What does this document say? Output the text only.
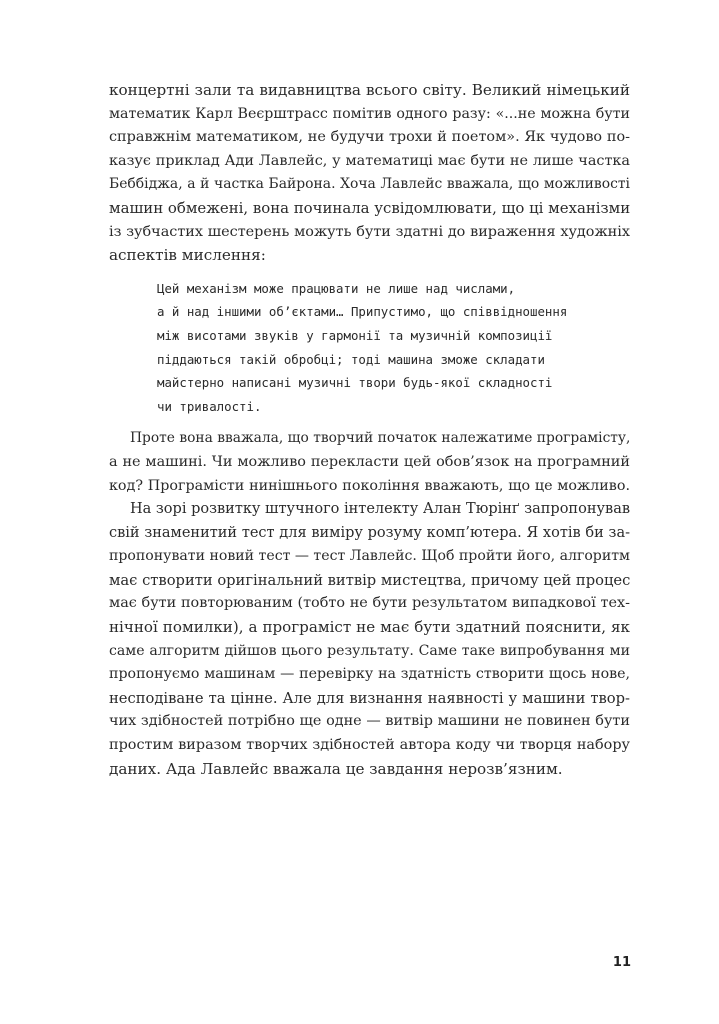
концертні зали та видавництва всього світу. Великий німецький
математик Карл Веєрштрасс помітив одного разу: «...не можна бути
справжнім математиком, не будучи трохи й поетом». Як чудово по-
казує приклад Ади Лавлейс, у математиці має бути не лише частка
Беббіджа, а й частка Байрона. Хоча Лавлейс вважала, що можливості
машин обмежені, вона починала усвідомлювати, що ці механізми
із зубчастих шестерень можуть бути здатні до вираження художніх
аспектів мислення:
Цей механізм може працювати не лише над числами,
а й над іншими об’єктами… Припустимо, що співвідношення
між висотами звуків у гармонії та музичній композиції
піддаються такій обробці; тоді машина зможе складати
майстерно написані музичні твори будь-якої складності
чи тривалості.
Проте вона вважала, що творчий початок належатиме програмісту,
а не машині. Чи можливо перекласти цей обов’язок на програмний
код? Програмісти нинішнього покоління вважають, що це можливо.
На зорі розвитку штучного інтелекту Алан Тюрінґ запропонував
свій знаменитий тест для виміру розуму комп’ютера. Я хотів би за-
пропонувати новий тест — тест Лавлейс. Щоб пройти його, алгоритм
має створити оригінальний витвір мистецтва, причому цей процес
має бути повторюваним (тобто не бути результатом випадкової тех-
нічної помилки), а програміст не має бути здатний пояснити, як
саме алгоритм дійшов цього результату. Саме таке випробування ми
пропонуємо машинам — перевірку на здатність створити щось нове,
несподіване та цінне. Але для визнання наявності у машини твор-
чих здібностей потрібно ще одне — витвір машини не повинен бути
простим виразом творчих здібностей автора коду чи творця набору
даних. Ада Лавлейс вважала це завдання нерозв’язним.
11
